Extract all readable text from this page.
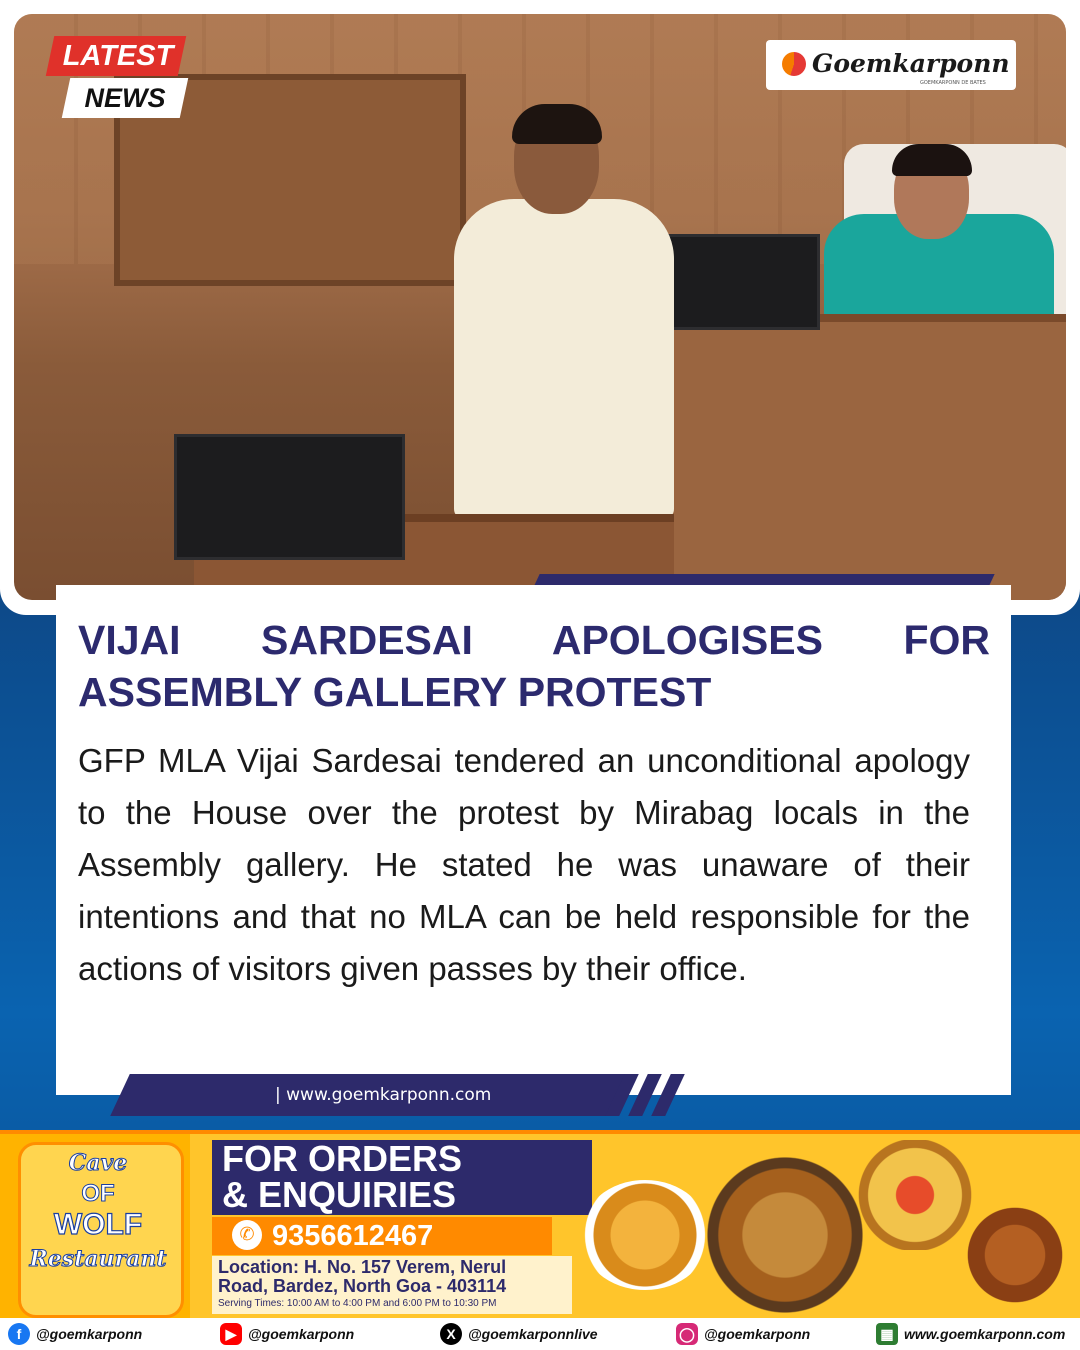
LATEST
NEWS
Goemkarponn
GOEMKARPONN DE BATES
VIJAI SARDESAI APOLOGISES FOR ASSEMBLY GALLERY PROTEST

GFP MLA Vijai Sardesai tendered an unconditional apology to the House over the protest by Mirabag locals in the Assembly gallery. He stated he was unaware of their intentions and that no MLA can be held responsible for the actions of visitors given passes by their office.

| www.goemkarponn.com
Cave
OF
WOLF
Restaurant
FOR ORDERS
& ENQUIRIES
✆ 9356612467
Location: H. No. 157 Verem, Nerul
Road, Bardez, North Goa - 403114
Serving Times: 10:00 AM to 4:00 PM and 6:00 PM to 10:30 PM
f	@goemkarponn	▶ @goemkarponn	X @goemkarponnlive	◯ @goemkarponn	▦ www.goemkarponn.com
